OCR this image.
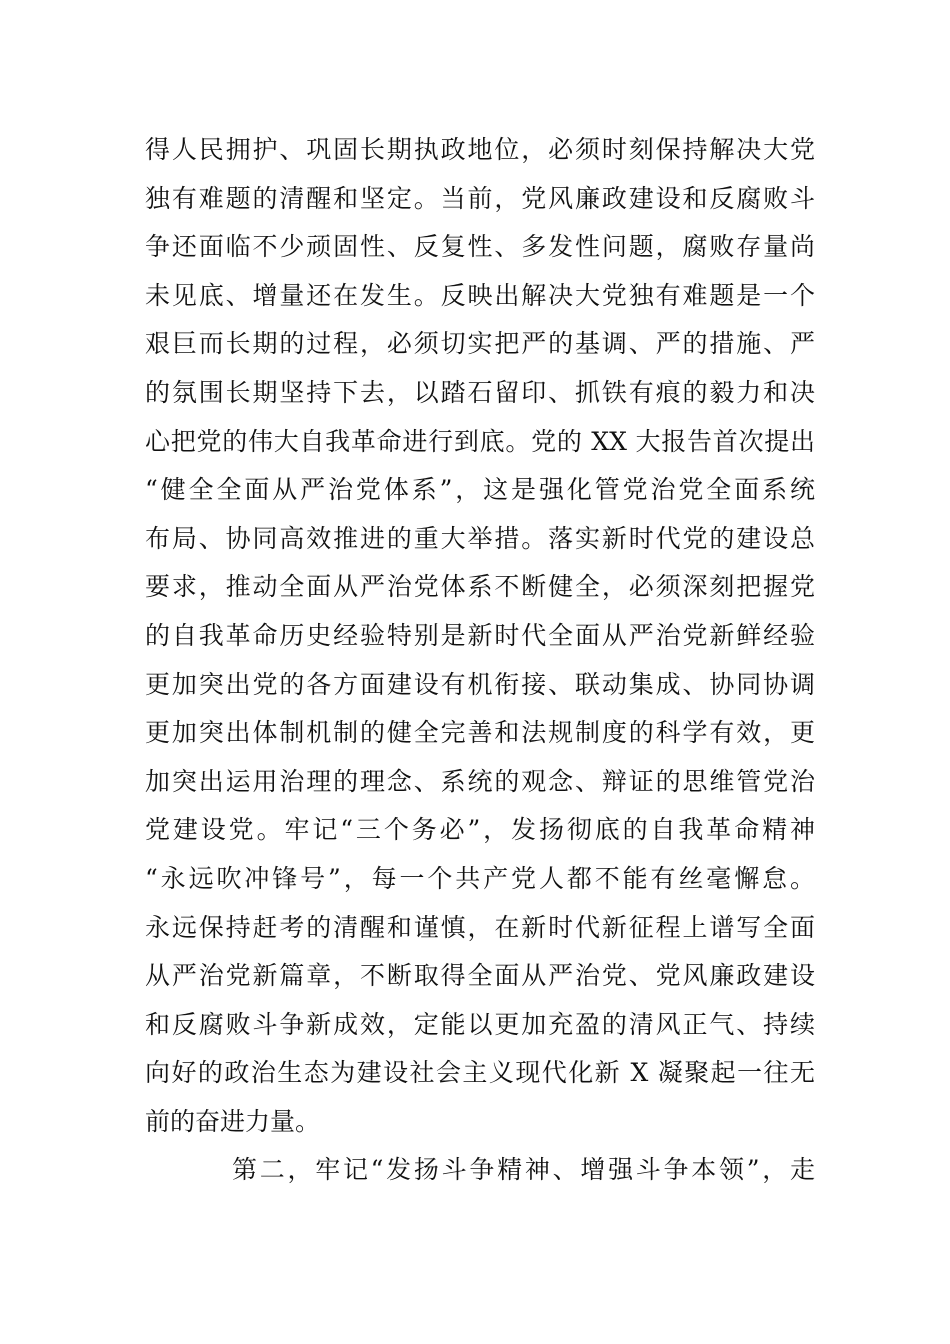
得人民拥护、巩固长期执政地位，必须时刻保持解决大党
独有难题的清醒和坚定。当前，党风廉政建设和反腐败斗
争还面临不少顽固性、反复性、多发性问题，腐败存量尚
未见底、增量还在发生。反映出解决大党独有难题是一个
艰巨而长期的过程，必须切实把严的基调、严的措施、严
的氛围长期坚持下去，以踏石留印、抓铁有痕的毅力和决
心把党的伟大自我革命进行到底。党的 XX 大报告首次提出
“健全全面从严治党体系”，这是强化管党治党全面系统
布局、协同高效推进的重大举措。落实新时代党的建设总
要求，推动全面从严治党体系不断健全，必须深刻把握党
的自我革命历史经验特别是新时代全面从严治党新鲜经验
更加突出党的各方面建设有机衔接、联动集成、协同协调
更加突出体制机制的健全完善和法规制度的科学有效，更
加突出运用治理的理念、系统的观念、辩证的思维管党治
党建设党。牢记“三个务必”，发扬彻底的自我革命精神
“永远吹冲锋号”，每一个共产党人都不能有丝毫懈怠。
永远保持赶考的清醒和谨慎，在新时代新征程上谱写全面
从严治党新篇章，不断取得全面从严治党、党风廉政建设
和反腐败斗争新成效，定能以更加充盈的清风正气、持续
向好的政治生态为建设社会主义现代化新 X 凝聚起一往无
前的奋进力量。
第二，牢记“发扬斗争精神、增强斗争本领”，走
